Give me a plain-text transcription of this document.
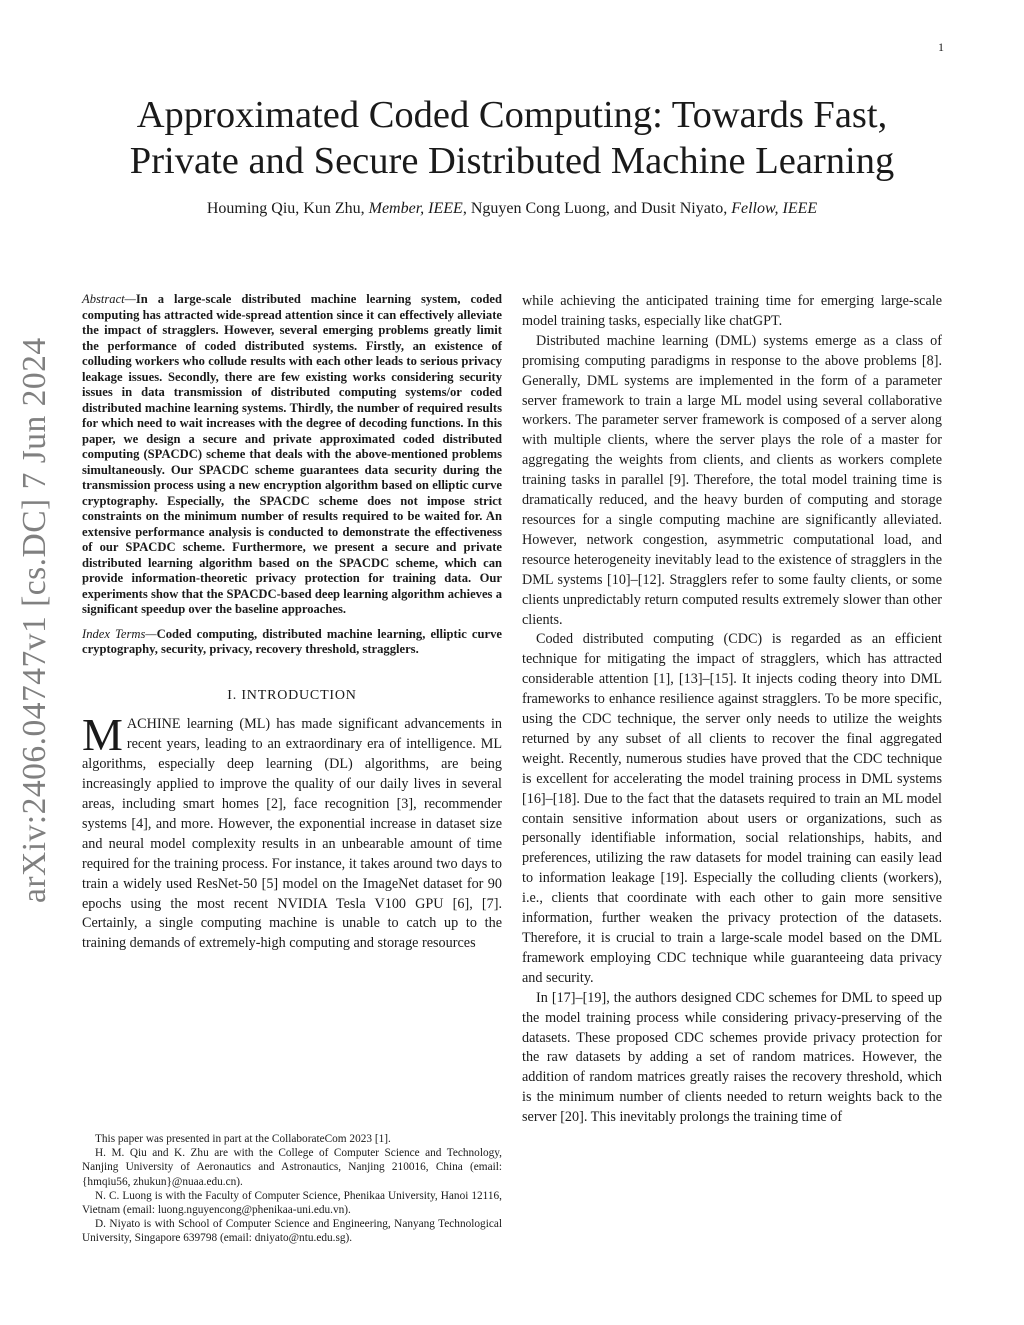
1
arXiv:2406.04747v1 [cs.DC] 7 Jun 2024
Approximated Coded Computing: Towards Fast, Private and Secure Distributed Machine Learning
Houming Qiu, Kun Zhu, Member, IEEE, Nguyen Cong Luong, and Dusit Niyato, Fellow, IEEE

Abstract—In a large-scale distributed machine learning system, coded computing has attracted wide-spread attention since it can effectively alleviate the impact of stragglers. However, several emerging problems greatly limit the performance of coded distributed systems. Firstly, an existence of colluding workers who collude results with each other leads to serious privacy leakage issues. Secondly, there are few existing works considering security issues in data transmission of distributed computing systems/or coded distributed machine learning systems. Thirdly, the number of required results for which need to wait increases with the degree of decoding functions. In this paper, we design a secure and private approximated coded distributed computing (SPACDC) scheme that deals with the above-mentioned problems simultaneously. Our SPACDC scheme guarantees data security during the transmission process using a new encryption algorithm based on elliptic curve cryptography. Especially, the SPACDC scheme does not impose strict constraints on the minimum number of results required to be waited for. An extensive performance analysis is conducted to demonstrate the effectiveness of our SPACDC scheme. Furthermore, we present a secure and private distributed learning algorithm based on the SPACDC scheme, which can provide information-theoretic privacy protection for training data. Our experiments show that the SPACDC-based deep learning algorithm achieves a significant speedup over the baseline approaches.

Index Terms—Coded computing, distributed machine learning, elliptic curve cryptography, security, privacy, recovery threshold, stragglers.

I. INTRODUCTION

MACHINE learning (ML) has made significant advancements in recent years, leading to an extraordinary era of intelligence. ML algorithms, especially deep learning (DL) algorithms, are being increasingly applied to improve the quality of our daily lives in several areas, including smart homes [2], face recognition [3], recommender systems [4], and more. However, the exponential increase in dataset size and neural model complexity results in an unbearable amount of time required for the training process. For instance, it takes around two days to train a widely used ResNet-50 [5] model on the ImageNet dataset for 90 epochs using the most recent NVIDIA Tesla V100 GPU [6], [7]. Certainly, a single computing machine is unable to catch up to the training demands of extremely-high computing and storage resources

while achieving the anticipated training time for emerging large-scale model training tasks, especially like chatGPT.

Distributed machine learning (DML) systems emerge as a class of promising computing paradigms in response to the above problems [8]. Generally, DML systems are implemented in the form of a parameter server framework to train a large ML model using several collaborative workers. The parameter server framework is composed of a server along with multiple clients, where the server plays the role of a master for aggregating the weights from clients, and clients as workers complete training tasks in parallel [9]. Therefore, the total model training time is dramatically reduced, and the heavy burden of computing and storage resources for a single computing machine are significantly alleviated. However, network congestion, asymmetric computational load, and resource heterogeneity inevitably lead to the existence of stragglers in the DML systems [10]–[12]. Stragglers refer to some faulty clients, or some clients unpredictably return computed results extremely slower than other clients.

Coded distributed computing (CDC) is regarded as an efficient technique for mitigating the impact of stragglers, which has attracted considerable attention [1], [13]–[15]. It injects coding theory into DML frameworks to enhance resilience against stragglers. To be more specific, using the CDC technique, the server only needs to utilize the weights returned by any subset of all clients to recover the final aggregated weight. Recently, numerous studies have proved that the CDC technique is excellent for accelerating the model training process in DML systems [16]–[18]. Due to the fact that the datasets required to train an ML model contain sensitive information about users or organizations, such as personally identifiable information, social relationships, habits, and preferences, utilizing the raw datasets for model training can easily lead to information leakage [19]. Especially the colluding clients (workers), i.e., clients that coordinate with each other to gain more sensitive information, further weaken the privacy protection of the datasets. Therefore, it is crucial to train a large-scale model based on the DML framework employing CDC technique while guaranteeing data privacy and security.

In [17]–[19], the authors designed CDC schemes for DML to speed up the model training process while considering privacy-preserving of the datasets. These proposed CDC schemes provide privacy protection for the raw datasets by adding a set of random matrices. However, the addition of random matrices greatly raises the recovery threshold, which is the minimum number of clients needed to return weights back to the server [20]. This inevitably prolongs the training time of

This paper was presented in part at the CollaborateCom 2023 [1].

H. M. Qiu and K. Zhu are with the College of Computer Science and Technology, Nanjing University of Aeronautics and Astronautics, Nanjing 210016, China (email: {hmqiu56, zhukun}@nuaa.edu.cn).

N. C. Luong is with the Faculty of Computer Science, Phenikaa University, Hanoi 12116, Vietnam (email: luong.nguyencong@phenikaa-uni.edu.vn).

D. Niyato is with School of Computer Science and Engineering, Nanyang Technological University, Singapore 639798 (email: dniyato@ntu.edu.sg).
